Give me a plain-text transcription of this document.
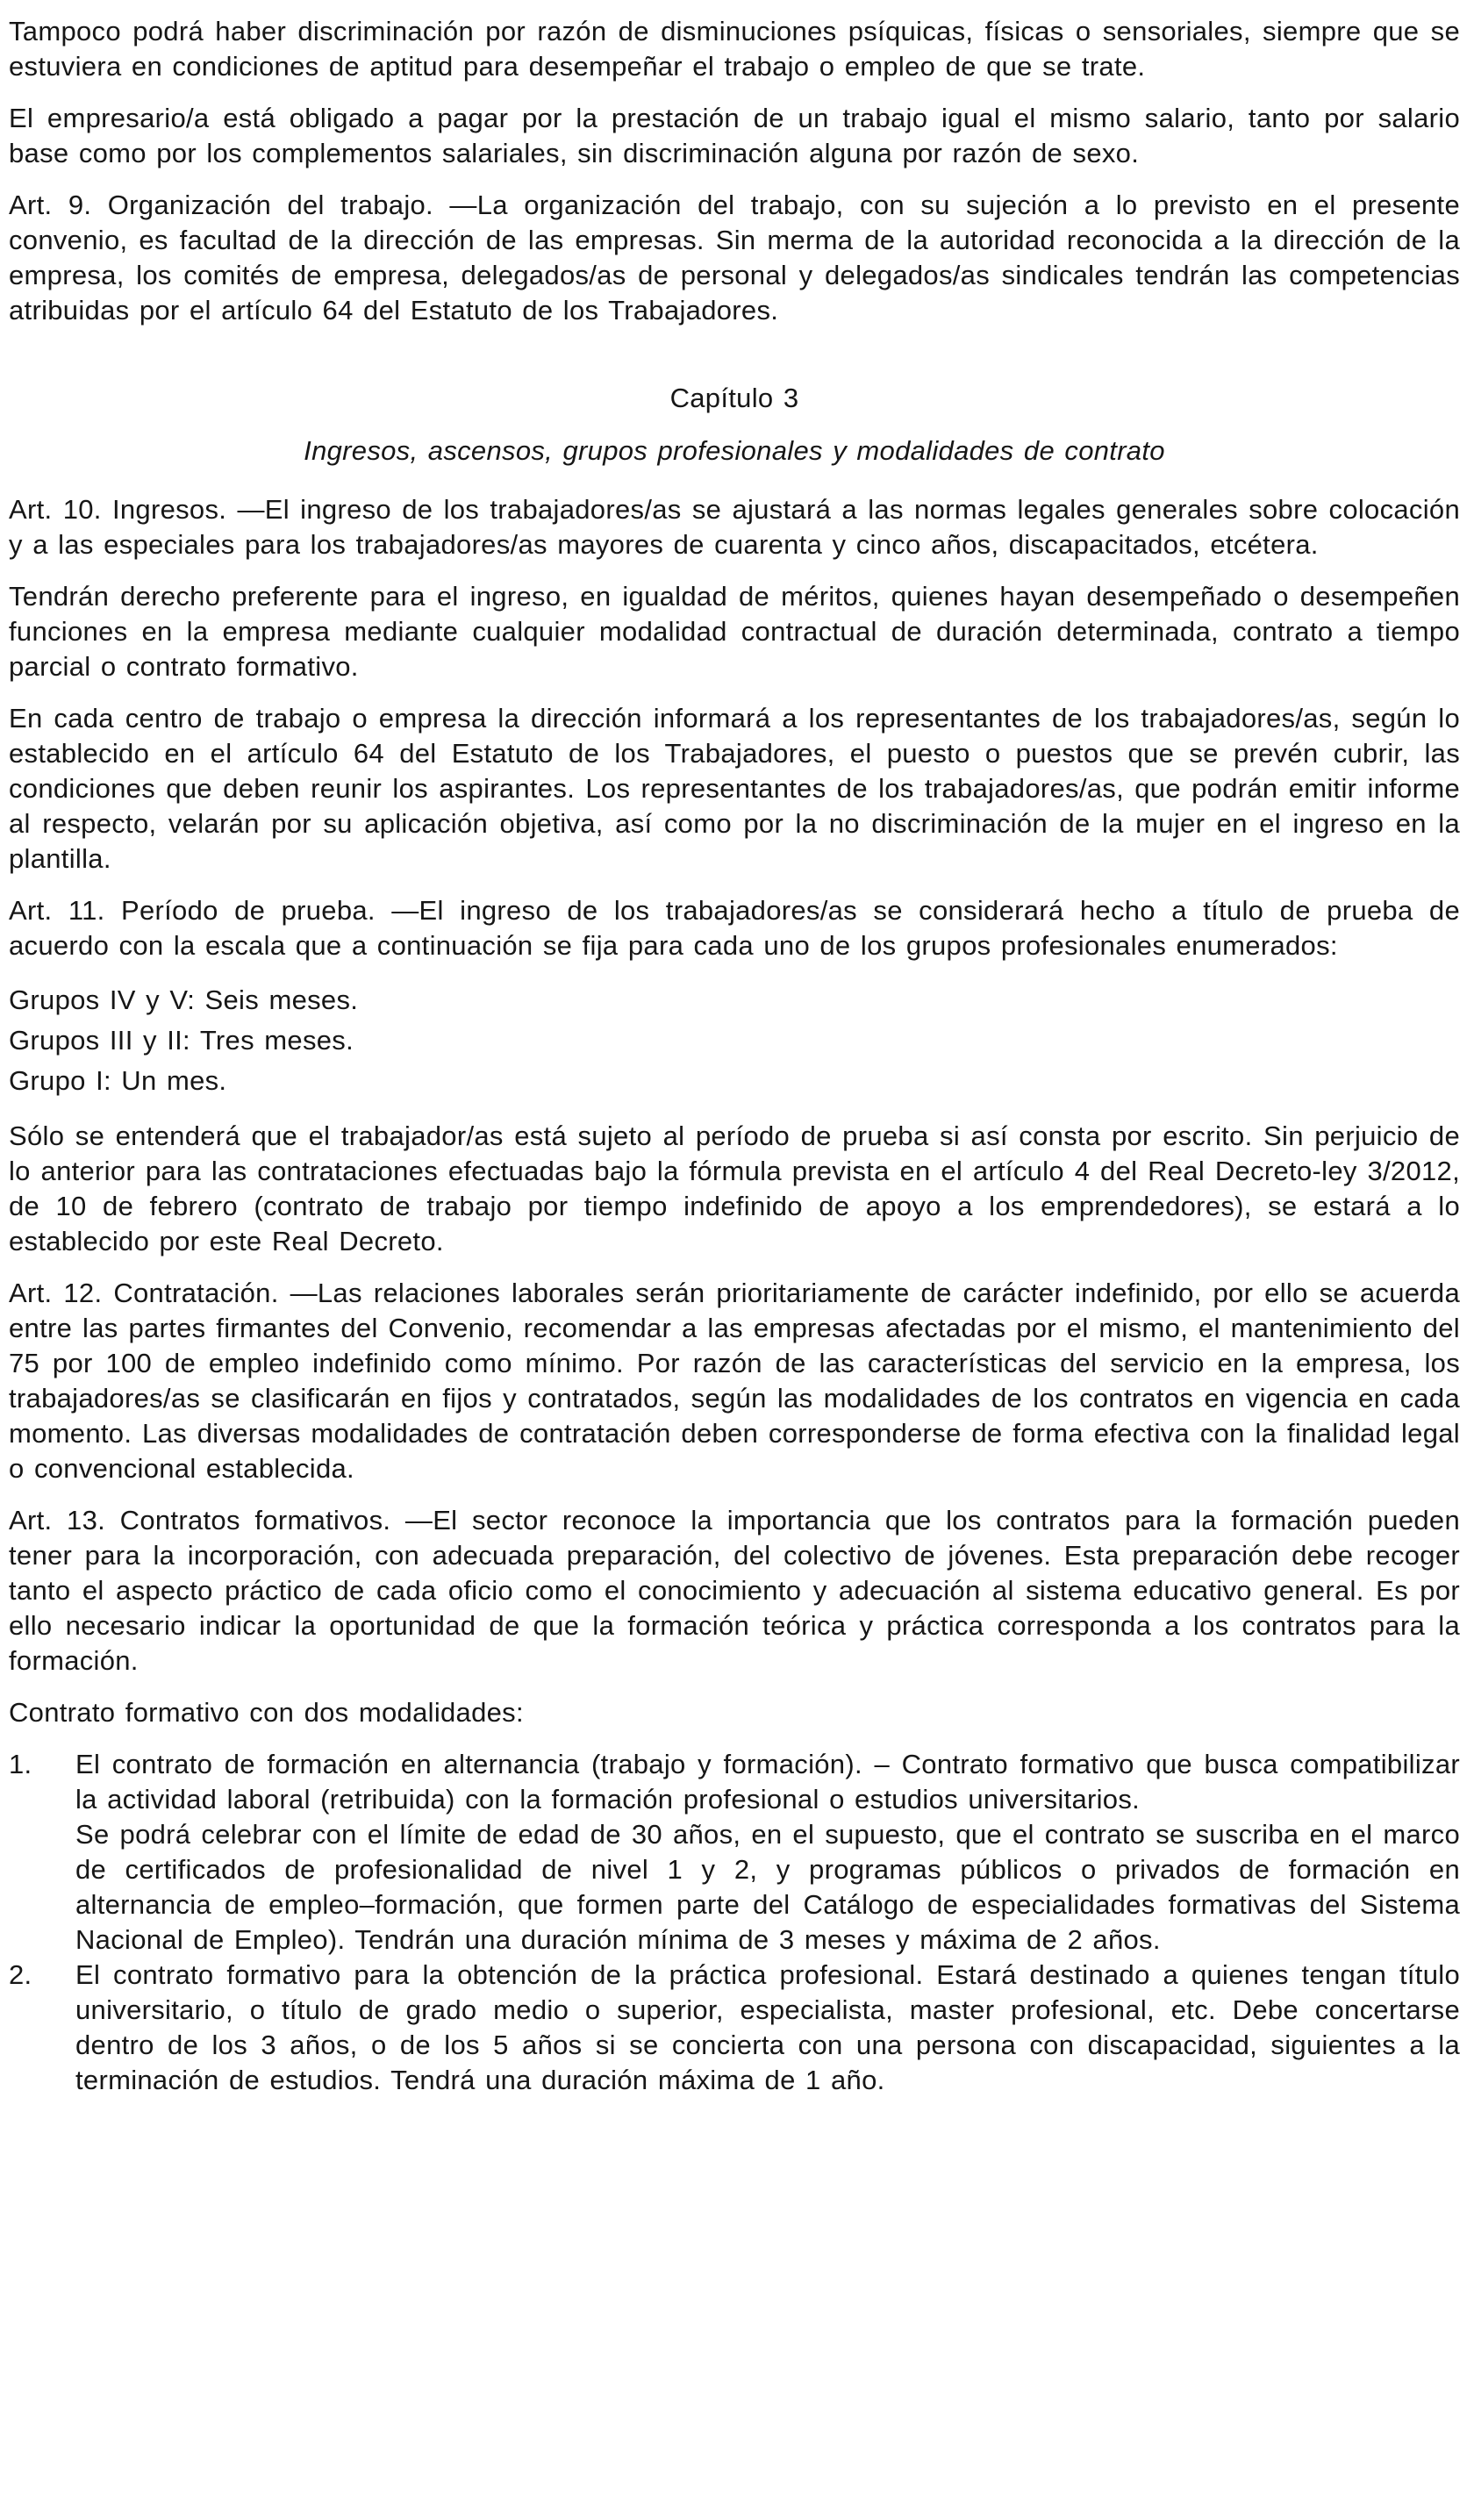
Tampoco podrá haber discriminación por razón de disminuciones psíquicas, físicas o sensoriales, siempre que se estuviera en condiciones de aptitud para desempeñar el trabajo o empleo de que se trate.

El empresario/a está obligado a pagar por la prestación de un trabajo igual el mismo salario, tanto por salario base como por los complementos salariales, sin discriminación alguna por razón de sexo.

Art. 9. Organización del trabajo. —La organización del trabajo, con su sujeción a lo previsto en el presente convenio, es facultad de la dirección de las empresas. Sin merma de la autoridad reconocida a la dirección de la empresa, los comités de empresa, delegados/as de personal y delegados/as sindicales tendrán las competencias atribuidas por el artículo 64 del Estatuto de los Trabajadores.

Capítulo 3
Ingresos, ascensos, grupos profesionales y modalidades de contrato

Art. 10. Ingresos. —El ingreso de los trabajadores/as se ajustará a las normas legales generales sobre colocación y a las especiales para los trabajadores/as mayores de cuarenta y cinco años, discapacitados, etcétera.

Tendrán derecho preferente para el ingreso, en igualdad de méritos, quienes hayan desempeñado o desempeñen funciones en la empresa mediante cualquier modalidad contractual de duración determinada, contrato a tiempo parcial o contrato formativo.

En cada centro de trabajo o empresa la dirección informará a los representantes de los trabajadores/as, según lo establecido en el artículo 64 del Estatuto de los Trabajadores, el puesto o puestos que se prevén cubrir, las condiciones que deben reunir los aspirantes. Los representantes de los trabajadores/as, que podrán emitir informe al respecto, velarán por su aplicación objetiva, así como por la no discriminación de la mujer en el ingreso en la plantilla.

Art. 11. Período de prueba. —El ingreso de los trabajadores/as se considerará hecho a título de prueba de acuerdo con la escala que a continuación se fija para cada uno de los grupos profesionales enumerados:

Grupos IV y V: Seis meses.
Grupos III y II: Tres meses.
Grupo I: Un mes.

Sólo se entenderá que el trabajador/as está sujeto al período de prueba si así consta por escrito. Sin perjuicio de lo anterior para las contrataciones efectuadas bajo la fórmula prevista en el artículo 4 del Real Decreto-ley 3/2012, de 10 de febrero (contrato de trabajo por tiempo indefinido de apoyo a los emprendedores), se estará a lo establecido por este Real Decreto.

Art. 12. Contratación. —Las relaciones laborales serán prioritariamente de carácter indefinido, por ello se acuerda entre las partes firmantes del Convenio, recomendar a las empresas afectadas por el mismo, el mantenimiento del 75 por 100 de empleo indefinido como mínimo. Por razón de las características del servicio en la empresa, los trabajadores/as se clasificarán en fijos y contratados, según las modalidades de los contratos en vigencia en cada momento. Las diversas modalidades de contratación deben corresponderse de forma efectiva con la finalidad legal o convencional establecida.

Art. 13. Contratos formativos. —El sector reconoce la importancia que los contratos para la formación pueden tener para la incorporación, con adecuada preparación, del colectivo de jóvenes. Esta preparación debe recoger tanto el aspecto práctico de cada oficio como el conocimiento y adecuación al sistema educativo general. Es por ello necesario indicar la oportunidad de que la formación teórica y práctica corresponda a los contratos para la formación.

Contrato formativo con dos modalidades:

1.	El contrato de formación en alternancia (trabajo y formación). – Contrato formativo que busca compatibilizar la actividad laboral (retribuida) con la formación profesional o estudios universitarios.

Se podrá celebrar con el límite de edad de 30 años, en el supuesto, que el contrato se suscriba en el marco de certificados de profesionalidad de nivel 1 y 2, y programas públicos o privados de formación en alternancia de empleo–formación, que formen parte del Catálogo de especialidades formativas del Sistema Nacional de Empleo). Tendrán una duración mínima de 3 meses y máxima de 2 años.

2.	El contrato formativo para la obtención de la práctica profesional. Estará destinado a quienes tengan título universitario, o título de grado medio o superior, especialista, master profesional, etc. Debe concertarse dentro de los 3 años, o de los 5 años si se concierta con una persona con discapacidad, siguientes a la terminación de estudios. Tendrá una duración máxima de 1 año.
